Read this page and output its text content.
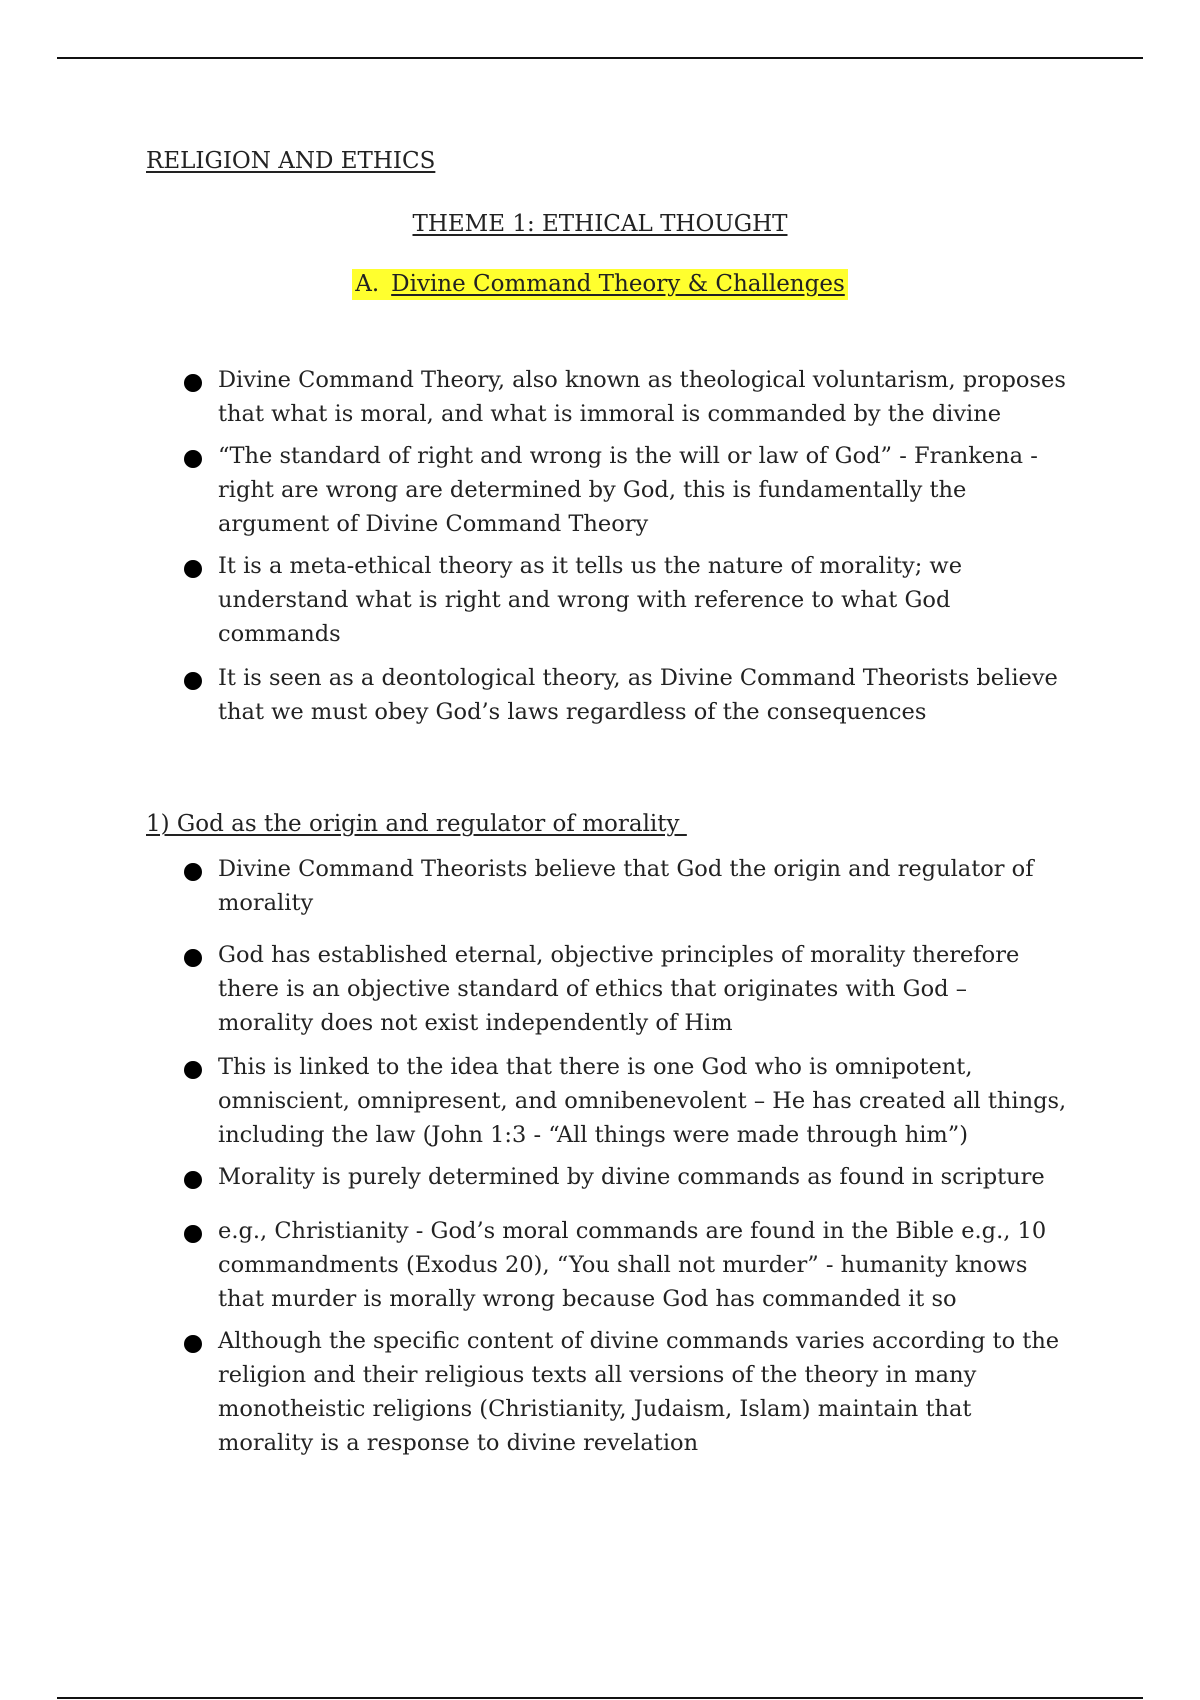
RELIGION AND ETHICS
THEME 1: ETHICAL THOUGHT
A. Divine Command Theory & Challenges
Divine Command Theory, also known as theological voluntarism, proposes that what is moral, and what is immoral is commanded by the divine
“The standard of right and wrong is the will or law of God” - Frankena - right are wrong are determined by God, this is fundamentally the argument of Divine Command Theory
It is a meta-ethical theory as it tells us the nature of morality; we understand what is right and wrong with reference to what God commands
It is seen as a deontological theory, as Divine Command Theorists believe that we must obey God’s laws regardless of the consequences
1) God as the origin and regulator of morality
Divine Command Theorists believe that God the origin and regulator of morality
God has established eternal, objective principles of morality therefore there is an objective standard of ethics that originates with God – morality does not exist independently of Him
This is linked to the idea that there is one God who is omnipotent, omniscient, omnipresent, and omnibenevolent – He has created all things, including the law (John 1:3 - “All things were made through him”)
Morality is purely determined by divine commands as found in scripture
e.g., Christianity - God’s moral commands are found in the Bible e.g., 10 commandments (Exodus 20), “You shall not murder” - humanity knows that murder is morally wrong because God has commanded it so
Although the specific content of divine commands varies according to the religion and their religious texts all versions of the theory in many monotheistic religions (Christianity, Judaism, Islam) maintain that morality is a response to divine revelation
